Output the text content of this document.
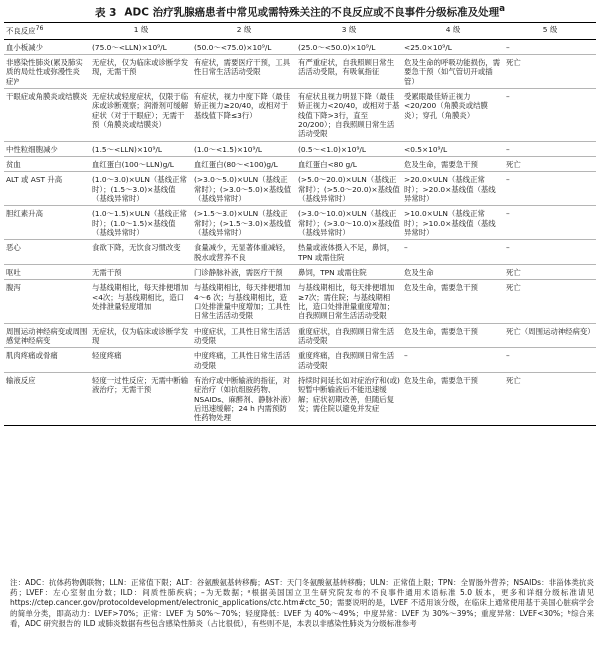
表 3 ADC 治疗乳腺癌患者中常见或需特殊关注的不良反应或不良事件分级标准及处理$^a$
不良反应$^{76}$	1 级	2 级	3 级	4 级	5 级
血小板减少	(75.0～<LLN)×10⁹/L	(50.0～<75.0)×10⁹/L	(25.0～<50.0)×10⁹/L	<25.0×10⁹/L	–
非感染性肺炎(累及肺实质的局灶性或弥漫性炎症)ᵇ	无症状，仅为临床或诊断学发现，无需干预	有症状，需要医疗干预，工具性日常生活活动受限	有严重症状，自我照顾日常生活活动受限，有吸氧指征	危及生命的呼吸功能损伤，需要急干预（如气管切开或插管）	死亡
干眼症或角膜炎或结膜炎	无症状或轻度症状，仅限于临床或诊断观察；润滑剂可缓解症状（对于干眼症）；无需干预（角膜炎或结膜炎）	有症状，视力中度下降（最佳矫正视力≥20/40，或相对于基线值下降≤3行）	有症状且视力明显下降（最佳矫正视力<20/40，或相对于基线值下降>3行，直至20/200）；自我照顾日常生活活动受限	受累眼最佳矫正视力<20/200（角膜炎或结膜炎）；穿孔（角膜炎）	–
中性粒细胞减少	(1.5～<LLN)×10⁹/L	(1.0～<1.5)×10⁹/L	(0.5～<1.0)×10⁹/L	<0.5×10⁹/L	–
贫血	血红蛋白(100～LLN)g/L	血红蛋白(80～<100)g/L	血红蛋白<80 g/L	危及生命，需要急干预	死亡
ALT 或 AST 升高	(1.0～3.0)×ULN（基线正常时）；(1.5～3.0)×基线值（基线异常时）	(>3.0～5.0)×ULN（基线正常时）；(>3.0～5.0)×基线值（基线异常时）	(>5.0～20.0)×ULN（基线正常时）；(>5.0～20.0)×基线值（基线异常时）	>20.0×ULN（基线正常时）；>20.0×基线值（基线异常时）	–
胆红素升高	(1.0～1.5)×ULN（基线正常时）；(1.0～1.5)×基线值（基线异常时）	(>1.5～3.0)×ULN（基线正常时）；(>1.5～3.0)×基线值（基线异常时）	(>3.0～10.0)×ULN（基线正常时）；(>3.0～10.0)×基线值（基线异常时）	>10.0×ULN（基线正常时）；>10.0×基线值（基线异常时）	–
恶心	食欲下降，无饮食习惯改变	食量减少，无显著体重减轻，脱水或营养不良	热量或液体摄入不足，鼻饲，TPN 或需住院	–	–
呕吐	无需干预	门诊静脉补液，需医疗干预	鼻饲，TPN 或需住院	危及生命	死亡
腹泻	与基线期相比，每天排便增加<4次；与基线期相比，造口处排泄量轻度增加	与基线期相比，每天排便增加 4～6 次；与基线期相比，造口处排泄量中度增加；工具性日常生活活动受限	与基线期相比，每天排便增加≥7次；需住院；与基线期相比，造口处排泄量重度增加；自我照顾日常生活活动受限	危及生命，需要急干预	死亡
周围运动神经病变或周围感觉神经病变	无症状，仅为临床或诊断学发现	中度症状，工具性日常生活活动受限	重度症状，自我照顾日常生活活动受限	危及生命，需要急干预	死亡（周围运动神经病变）
肌肉疼痛或骨痛	轻度疼痛	中度疼痛，工具性日常生活活动受限	重度疼痛，自我照顾日常生活活动受限	–	–
输液反应	轻度一过性反应；无需中断输液治疗；无需干预	有治疗或中断输液的指征，对症治疗（如抗组胺药物、NSAIDs、麻醉剂、静脉补液）后迅速缓解；24 h 内需预防性药物处理	持续时间延长如对症治疗和(或)短暂中断输液后不能迅速缓解；症状初期改善，但随后复发；需住院以避免并发症	危及生命，需要急干预	死亡
注：ADC：抗体药物偶联物；LLN：正常值下限；ALT：谷氨酸氨基转移酶；AST：天门冬氨酸氨基转移酶；ULN：正常值上限；TPN：全胃肠外营养；NSAIDs：非甾体类抗炎药；LVEF：左心室射血分数；ILD：间质性肺疾病；–为无数据；ᵃ根据美国国立卫生研究院发布的不良事件通用术语标准 5.0 版本，更多和详细分级标准请见 https://ctep.cancer.gov/protocoldevelopment/electronic_applications/ctc.htm#ctc_50；需要说明的是，LVEF 不适用该分级，在临床上通常使用基于美国心脏病学会的简单分类，即高动力：LVEF>70%；正常：LVEF 为 50%～70%；轻度降低：LVEF 为 40%～49%；中度异常：LVEF 为 30%～39%；重度异常：LVEF<30%；ᵇ综合来看，ADC 研究报告的 ILD 或肺炎数据有些包含感染性肺炎（占比很低），有些则不是，本表以非感染性肺炎为分级标准参考
